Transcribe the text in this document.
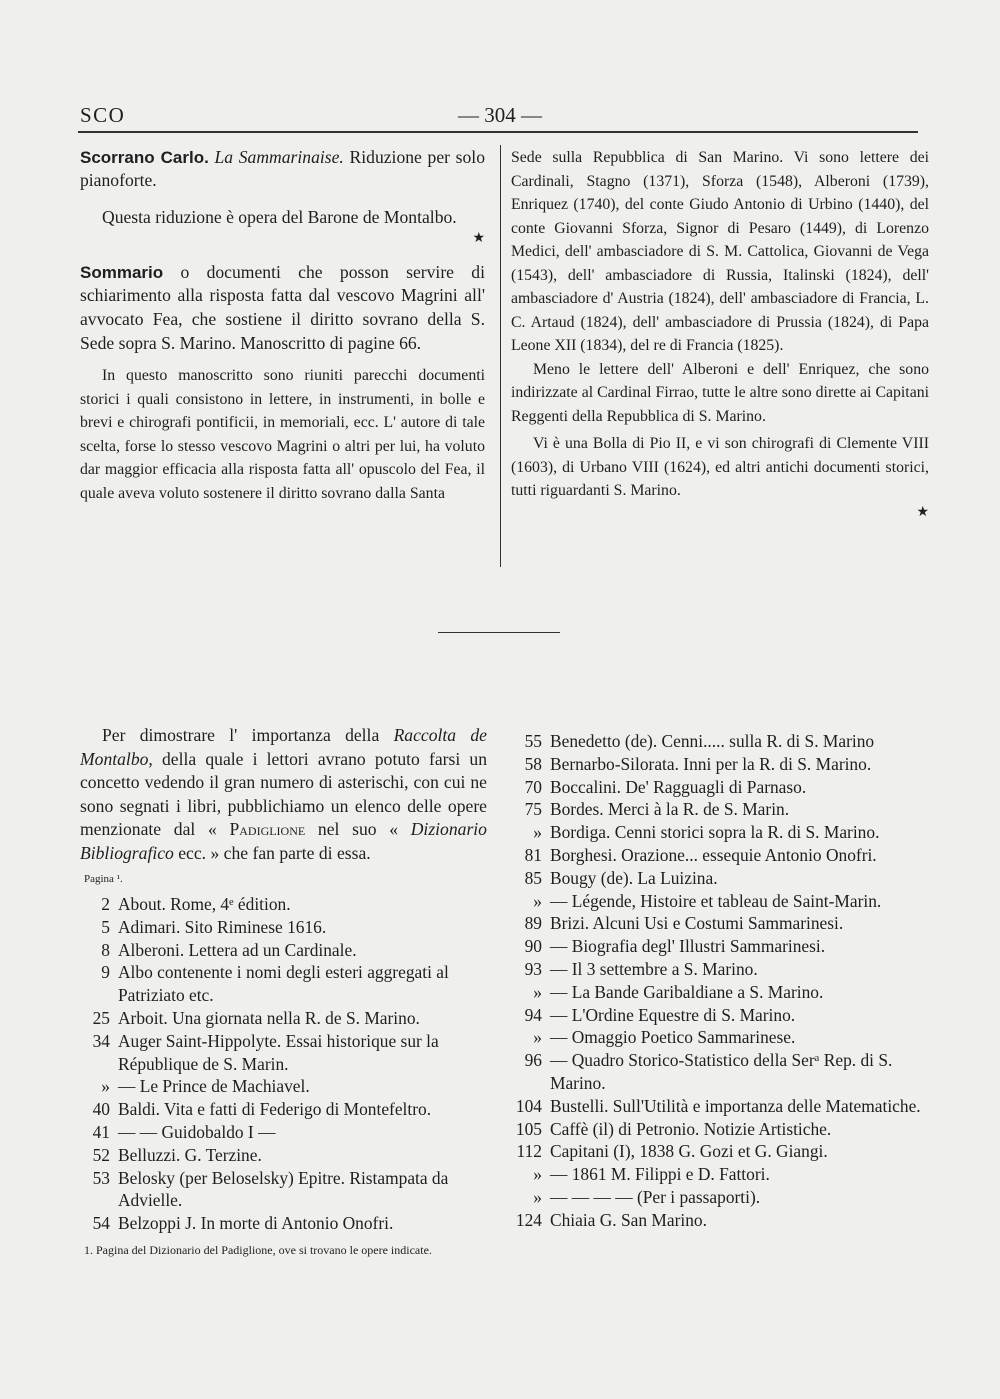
SCO	— 304 —

Scorrano Carlo. La Sammarinaise. Riduzione per solo pianoforte.

Questa riduzione è opera del Barone de Montalbo.

★

Sommario o documenti che posson servire di schiarimento alla risposta fatta dal vescovo Magrini all' avvocato Fea, che sostiene il diritto sovrano della S. Sede sopra S. Marino. Manoscritto di pagine 66.

In questo manoscritto sono riuniti parecchi documenti storici i quali consistono in lettere, in instrumenti, in bolle e brevi e chirografi pontificii, in memoriali, ecc. L' autore di tale scelta, forse lo stesso vescovo Magrini o altri per lui, ha voluto dar maggior efficacia alla risposta fatta all' opuscolo del Fea, il quale aveva voluto sostenere il diritto sovrano dalla Santa

Sede sulla Repubblica di San Marino. Vi sono lettere dei Cardinali, Stagno (1371), Sforza (1548), Alberoni (1739), Enriquez (1740), del conte Giudo Antonio di Urbino (1440), del conte Giovanni Sforza, Signor di Pesaro (1449), di Lorenzo Medici, dell' ambasciadore di S. M. Cattolica, Giovanni de Vega (1543), dell' ambasciadore di Russia, Italinski (1824), dell' ambasciadore d' Austria (1824), dell' ambasciadore di Francia, L. C. Artaud (1824), dell' ambasciadore di Prussia (1824), di Papa Leone XII (1834), del re di Francia (1825).

Meno le lettere dell' Alberoni e dell' Enriquez, che sono indirizzate al Cardinal Firrao, tutte le altre sono dirette ai Capitani Reggenti della Repubblica di S. Marino.

Vi è una Bolla di Pio II, e vi son chirografi di Clemente VIII (1603), di Urbano VIII (1624), ed altri antichi documenti storici, tutti riguardanti S. Marino.

★
Per dimostrare l' importanza della Raccolta de Montalbo, della quale i lettori avrano potuto farsi un concetto vedendo il gran numero di asterischi, con cui ne sono segnati i libri, pubblichiamo un elenco delle opere menzionate dal « Padiglione nel suo « Dizionario Bibliografico ecc. » che fan parte di essa.
Pagina ¹.
2 About. Rome, 4ᵉ édition.
5 Adimari. Sito Riminese 1616.
8 Alberoni. Lettera ad un Cardinale.
9 Albo contenente i nomi degli esteri aggregati al Patriziato etc.
25 Arboit. Una giornata nella R. de S. Marino.
34 Auger Saint-Hippolyte. Essai historique sur la République de S. Marin.
» — Le Prince de Machiavel.
40 Baldi. Vita e fatti di Federigo di Montefeltro.
41 — — Guidobaldo I —
52 Belluzzi. G. Terzine.
53 Belosky (per Beloselsky) Epitre. Ristampata da Advielle.
54 Belzoppi J. In morte di Antonio Onofri.
55 Benedetto (de). Cenni..... sulla R. di S. Marino
58 Bernarbo-Silorata. Inni per la R. di S. Marino.
70 Boccalini. De' Ragguagli di Parnaso.
75 Bordes. Merci à la R. de S. Marin.
» Bordiga. Cenni storici sopra la R. di S. Marino.
81 Borghesi. Orazione... essequie Antonio Onofri.
85 Bougy (de). La Luizina.
» — Légende, Histoire et tableau de Saint-Marin.
89 Brizi. Alcuni Usi e Costumi Sammarinesi.
90 — Biografia degl' Illustri Sammarinesi.
93 — Il 3 settembre a S. Marino.
» — La Bande Garibaldiane a S. Marino.
94 — L'Ordine Equestre di S. Marino.
» — Omaggio Poetico Sammarinese.
96 — Quadro Storico-Statistico della Serᵃ Rep. di S. Marino.
104 Bustelli. Sull'Utilità e importanza delle Matematiche.
105 Caffè (il) di Petronio. Notizie Artistiche.
112 Capitani (I), 1838 G. Gozi et G. Giangi.
» — 1861 M. Filippi e D. Fattori.
» — — — — (Per i passaporti).
124 Chiaia G. San Marino.
1. Pagina del Dizionario del Padiglione, ove si trovano le opere indicate.
